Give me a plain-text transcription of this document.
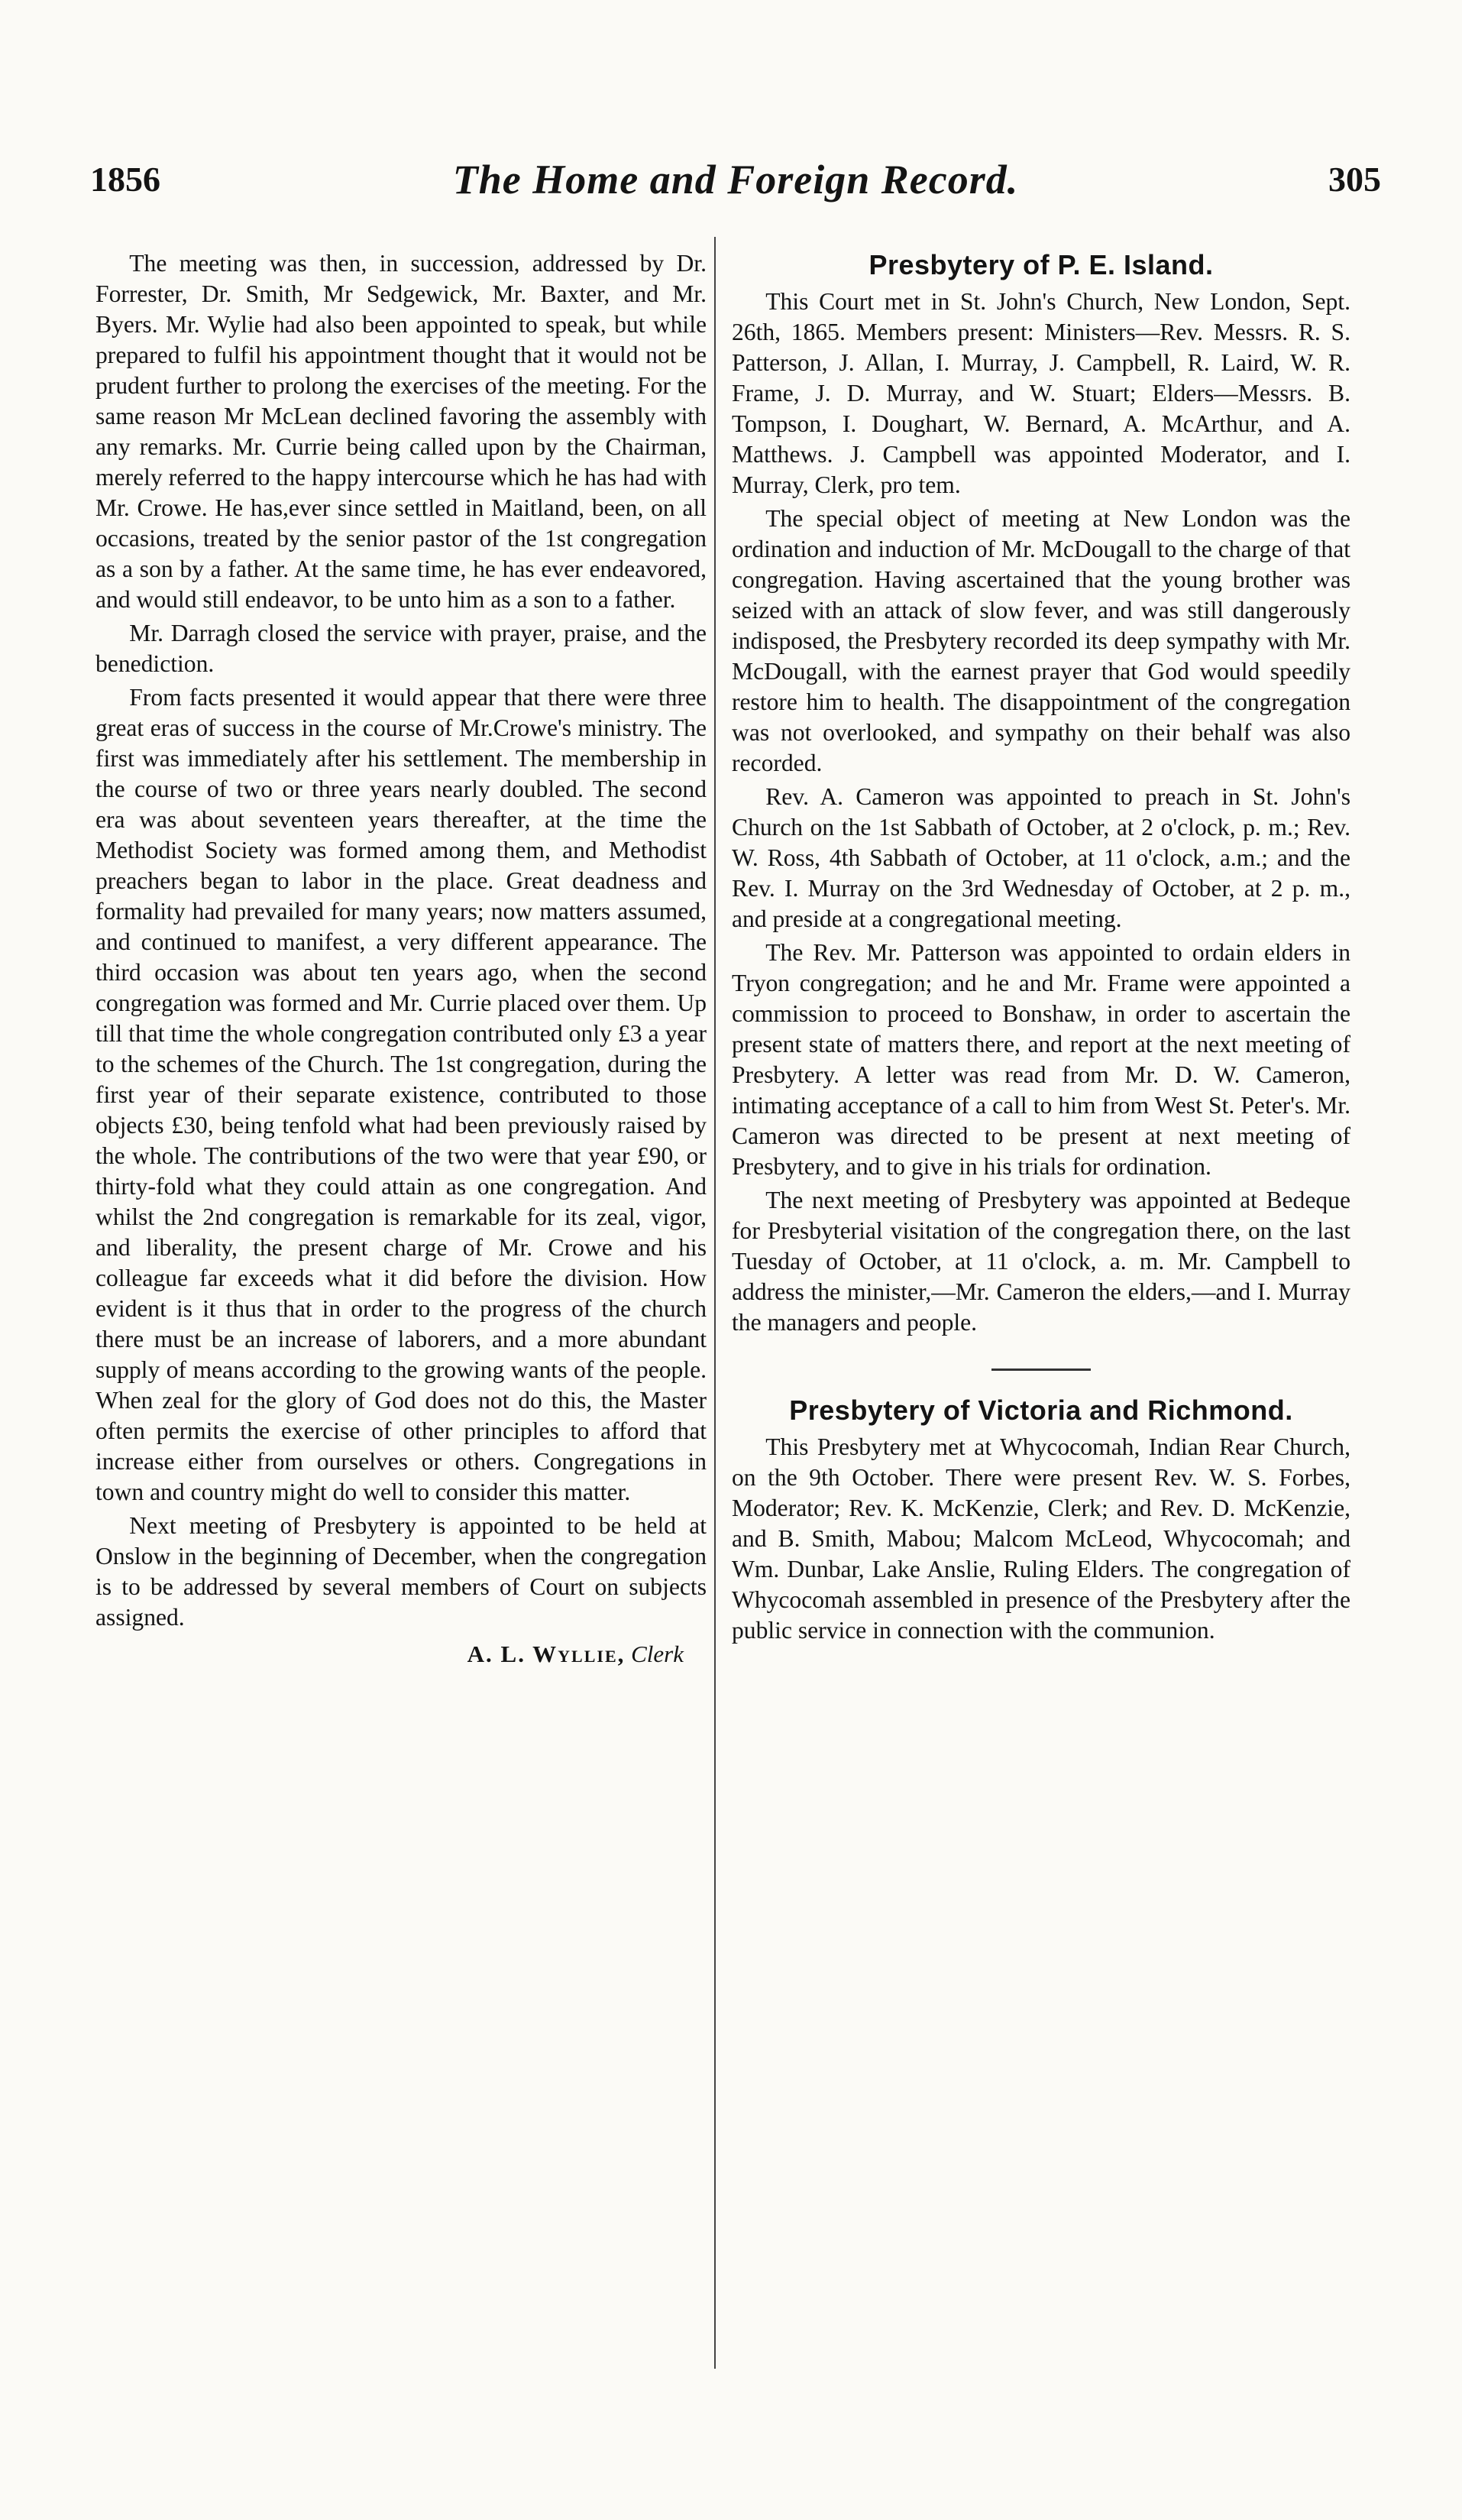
1856	The Home and Foreign Record.	305

The meeting was then, in succession, addressed by Dr. Forrester, Dr. Smith, Mr Sedgewick, Mr. Baxter, and Mr. Byers. Mr. Wylie had also been appointed to speak, but while prepared to fulfil his appointment thought that it would not be prudent further to prolong the exercises of the meeting. For the same reason Mr McLean declined favoring the assembly with any remarks. Mr. Currie being called upon by the Chairman, merely referred to the happy intercourse which he has had with Mr. Crowe. He has,ever since settled in Maitland, been, on all occasions, treated by the senior pastor of the 1st congregation as a son by a father. At the same time, he has ever endeavored, and would still endeavor, to be unto him as a son to a father.

Mr. Darragh closed the service with prayer, praise, and the benediction.

From facts presented it would appear that there were three great eras of success in the course of Mr.Crowe's ministry. The first was immediately after his settlement. The membership in the course of two or three years nearly doubled. The second era was about seventeen years thereafter, at the time the Methodist Society was formed among them, and Methodist preachers began to labor in the place. Great deadness and formality had prevailed for many years; now matters assumed, and continued to manifest, a very different appearance. The third occasion was about ten years ago, when the second congregation was formed and Mr. Currie placed over them. Up till that time the whole congregation contributed only £3 a year to the schemes of the Church. The 1st congregation, during the first year of their separate existence, contributed to those objects £30, being tenfold what had been previously raised by the whole. The contributions of the two were that year £90, or thirty-fold what they could attain as one congregation. And whilst the 2nd congregation is remarkable for its zeal, vigor, and liberality, the present charge of Mr. Crowe and his colleague far exceeds what it did before the division. How evident is it thus that in order to the progress of the church there must be an increase of laborers, and a more abundant supply of means according to the growing wants of the people. When zeal for the glory of God does not do this, the Master often permits the exercise of other principles to afford that increase either from ourselves or others. Congregations in town and country might do well to consider this matter.

Next meeting of Presbytery is appointed to be held at Onslow in the beginning of December, when the congregation is to be addressed by several members of Court on subjects assigned.

A. L. Wyllie, Clerk
Presbytery of P. E. Island.

This Court met in St. John's Church, New London, Sept. 26th, 1865. Members present: Ministers—Rev. Messrs. R. S. Patterson, J. Allan, I. Murray, J. Campbell, R. Laird, W. R. Frame, J. D. Murray, and W. Stuart; Elders—Messrs. B. Tompson, I. Doughart, W. Bernard, A. McArthur, and A. Matthews. J. Campbell was appointed Moderator, and I. Murray, Clerk, pro tem.

The special object of meeting at New London was the ordination and induction of Mr. McDougall to the charge of that congregation. Having ascertained that the young brother was seized with an attack of slow fever, and was still dangerously indisposed, the Presbytery recorded its deep sympathy with Mr. McDougall, with the earnest prayer that God would speedily restore him to health. The disappointment of the congregation was not overlooked, and sympathy on their behalf was also recorded.

Rev. A. Cameron was appointed to preach in St. John's Church on the 1st Sabbath of October, at 2 o'clock, p. m.; Rev. W. Ross, 4th Sabbath of October, at 11 o'clock, a.m.; and the Rev. I. Murray on the 3rd Wednesday of October, at 2 p. m., and preside at a congregational meeting.

The Rev. Mr. Patterson was appointed to ordain elders in Tryon congregation; and he and Mr. Frame were appointed a commission to proceed to Bonshaw, in order to ascertain the present state of matters there, and report at the next meeting of Presbytery. A letter was read from Mr. D. W. Cameron, intimating acceptance of a call to him from West St. Peter's. Mr. Cameron was directed to be present at next meeting of Presbytery, and to give in his trials for ordination.

The next meeting of Presbytery was appointed at Bedeque for Presbyterial visitation of the congregation there, on the last Tuesday of October, at 11 o'clock, a. m. Mr. Campbell to address the minister,—Mr. Cameron the elders,—and I. Murray the managers and people.

Presbytery of Victoria and Richmond.

This Presbytery met at Whycocomah, Indian Rear Church, on the 9th October. There were present Rev. W. S. Forbes, Moderator; Rev. K. McKenzie, Clerk; and Rev. D. McKenzie, and B. Smith, Mabou; Malcom McLeod, Whycocomah; and Wm. Dunbar, Lake Anslie, Ruling Elders. The congregation of Whycocomah assembled in presence of the Presbytery after the public service in connection with the communion.
